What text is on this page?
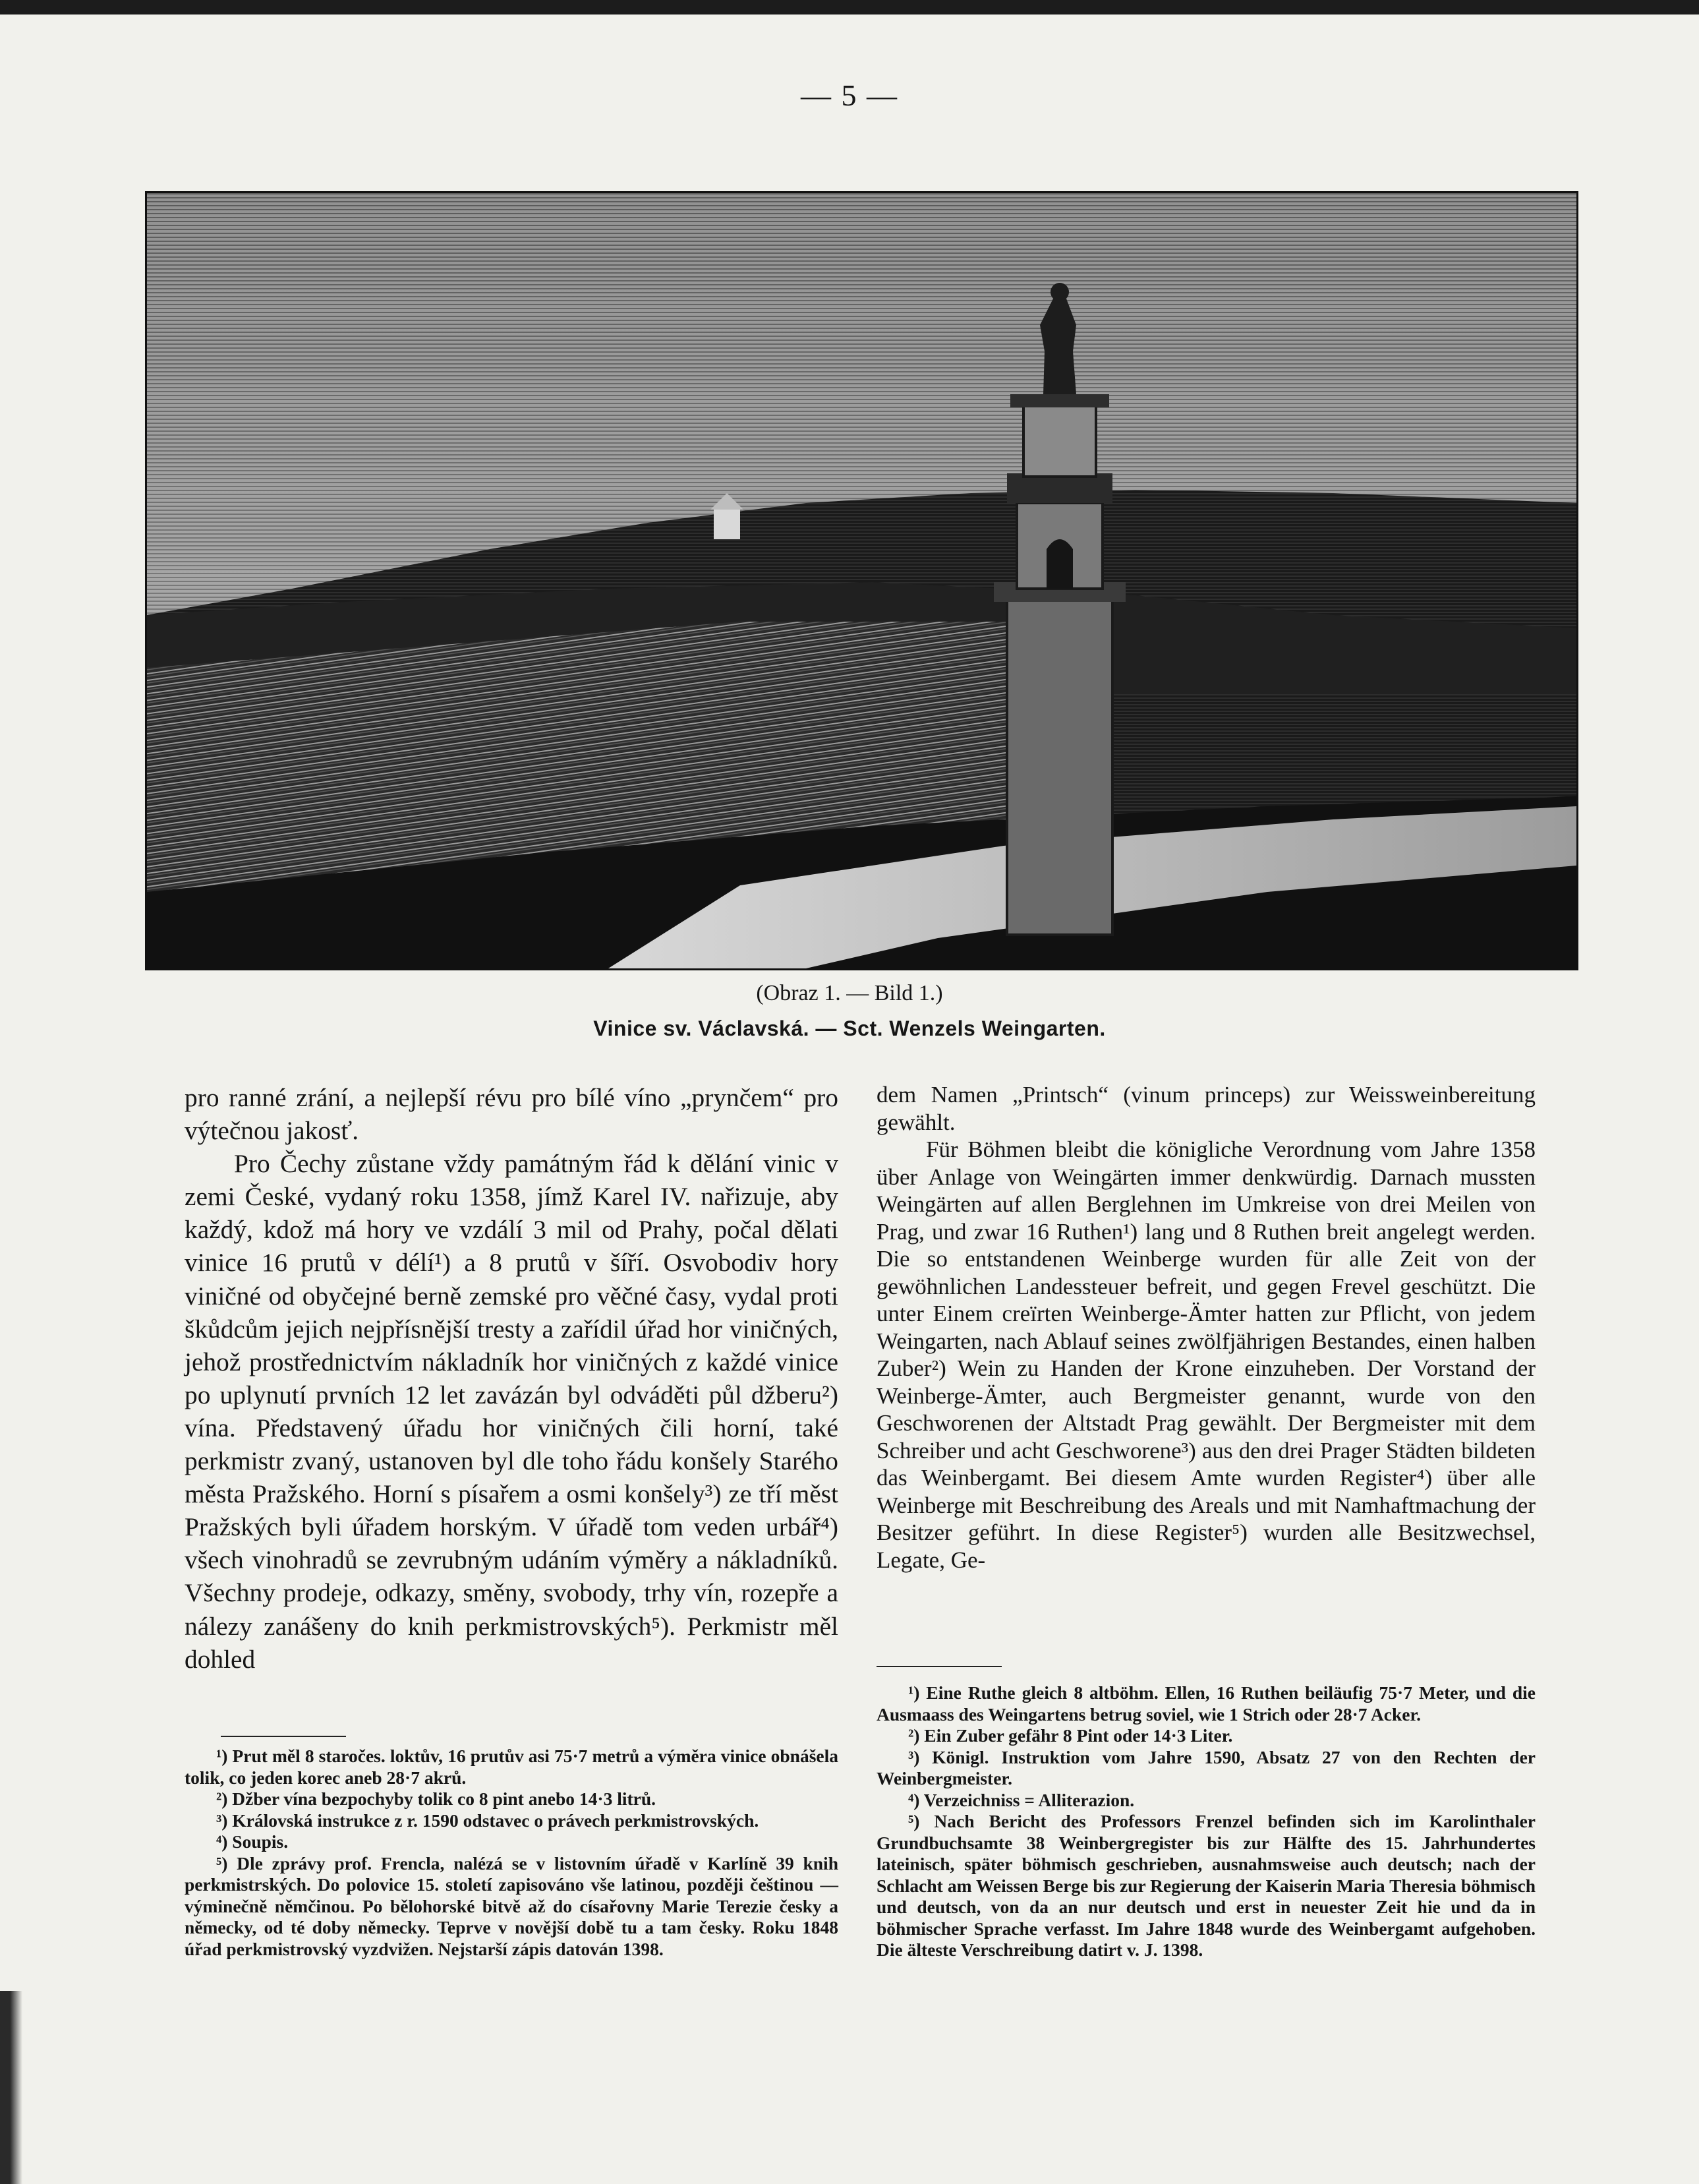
— 5 —
(Obraz 1. — Bild 1.)
Vinice sv. Václavská. — Sct. Wenzels Weingarten.

pro ranné zrání, a nejlepší révu pro bílé víno „prynčem“ pro výtečnou jakosť.

Pro Čechy zůstane vždy památným řád k dělání vinic v zemi České, vydaný roku 1358, jímž Karel IV. nařizuje, aby každý, kdož má hory ve vzdálí 3 mil od Prahy, počal dělati vinice 16 prutů v délí¹) a 8 prutů v šíří. Osvobodiv hory viničné od obyčejné berně zemské pro věčné časy, vydal proti škůdcům jejich nejpřísnější tresty a zařídil úřad hor viničných, jehož prostřednictvím nákladník hor viničných z každé vinice po uplynutí prvních 12 let zavázán byl odváděti půl džberu²) vína. Představený úřadu hor viničných čili horní, také perkmistr zvaný, ustanoven byl dle toho řádu konšely Starého města Pražského. Horní s písařem a osmi konšely³) ze tří měst Pražských byli úřadem horským. V úřadě tom veden urbář⁴) všech vinohradů se zevrubným udáním výměry a nákladníků. Všechny prodeje, odkazy, směny, svobody, trhy vín, rozepře a nálezy zanášeny do knih perkmistrovských⁵). Perkmistr měl dohled

dem Namen „Printsch“ (vinum princeps) zur Weissweinbereitung gewählt.

Für Böhmen bleibt die königliche Verordnung vom Jahre 1358 über Anlage von Weingärten immer denkwürdig. Darnach mussten Weingärten auf allen Berglehnen im Umkreise von drei Meilen von Prag, und zwar 16 Ruthen¹) lang und 8 Ruthen breit angelegt werden. Die so entstandenen Weinberge wurden für alle Zeit von der gewöhnlichen Landessteuer befreit, und gegen Frevel geschützt. Die unter Einem creïrten Weinberge-Ämter hatten zur Pflicht, von jedem Weingarten, nach Ablauf seines zwölfjährigen Bestandes, einen halben Zuber²) Wein zu Handen der Krone einzuheben. Der Vorstand der Weinberge-Ämter, auch Bergmeister genannt, wurde von den Geschworenen der Altstadt Prag gewählt. Der Bergmeister mit dem Schreiber und acht Geschworene³) aus den drei Prager Städten bildeten das Weinbergamt. Bei diesem Amte wurden Register⁴) über alle Weinberge mit Beschreibung des Areals und mit Namhaftmachung der Besitzer geführt. In diese Register⁵) wurden alle Besitzwechsel, Legate, Ge-

¹) Prut měl 8 staročes. loktův, 16 prutův asi 75·7 metrů a výměra vinice obnášela tolik, co jeden korec aneb 28·7 akrů.

²) Džber vína bezpochyby tolik co 8 pint anebo 14·3 litrů.

³) Královská instrukce z r. 1590 odstavec o právech perkmistrovských.

⁴) Soupis.

⁵) Dle zprávy prof. Frencla, nalézá se v listovním úřadě v Karlíně 39 knih perkmistrských. Do polovice 15. století zapisováno vše latinou, později češtinou — výminečně němčinou. Po bělohorské bitvě až do císařovny Marie Terezie česky a německy, od té doby německy. Teprve v novější době tu a tam česky. Roku 1848 úřad perkmistrovský vyzdvižen. Nejstarší zápis datován 1398.

¹) Eine Ruthe gleich 8 altböhm. Ellen, 16 Ruthen beiläufig 75·7 Meter, und die Ausmaass des Weingartens betrug soviel, wie 1 Strich oder 28·7 Acker.

²) Ein Zuber gefähr 8 Pint oder 14·3 Liter.

³) Königl. Instruktion vom Jahre 1590, Absatz 27 von den Rechten der Weinbergmeister.

⁴) Verzeichniss = Alliterazion.

⁵) Nach Bericht des Professors Frenzel befinden sich im Karolinthaler Grundbuchsamte 38 Weinbergregister bis zur Hälfte des 15. Jahrhundertes lateinisch, später böhmisch geschrieben, ausnahmsweise auch deutsch; nach der Schlacht am Weissen Berge bis zur Regierung der Kaiserin Maria Theresia böhmisch und deutsch, von da an nur deutsch und erst in neuester Zeit hie und da in böhmischer Sprache verfasst. Im Jahre 1848 wurde des Weinbergamt aufgehoben. Die älteste Verschreibung datirt v. J. 1398.
